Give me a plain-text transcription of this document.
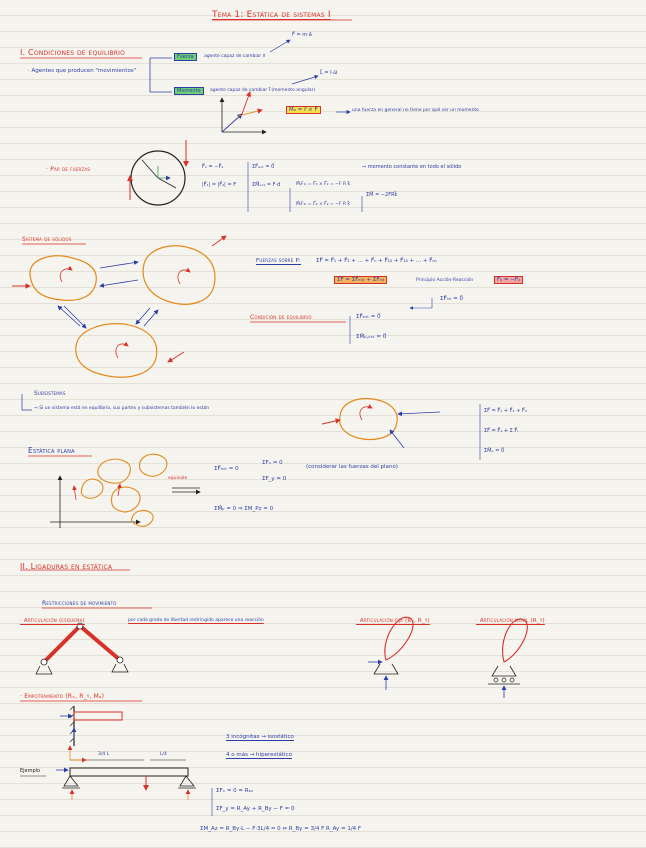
Tema 1: Estática de sistemas I
I. Condiciones de equilibrio
· Agentes que producen "movimientos"
Fuerza	agente capaz de cambiar v⃗
F⃗ = m·a⃗
Momento	agente capaz de cambiar I⃗ (momento angular)
L⃗ = I·ω⃗
M⃗ₒ = r⃗ × F⃗	una fuerza en general no tiene por qué ser un momento
· Par de fuerzas	F⃗₁ = −F⃗₂
|F⃗₁| = |F⃗₂| = F
ΣF⃗ₑₓₜ = 0⃗
ΣM⃗ₑₓₜ = F·d	M⃗₍F₁₎ = F⃗₁ × F⃗₂ = −F R k⃗
M⃗₍F₂₎ = F⃗₂ × F⃗₂ = −F R k⃗
ΣM⃗ = −2FRk⃗
⇒ momento constante en todo el sólido
Sistema de sólidos
Fuerzas sobre P:	ΣF⃗ = F⃗₁ + F⃗₂ + ... + F⃗ₙ + F⃗₁₂ + F⃗₁₃ + ... + F⃗ₙₙ
ΣF⃗ = ΣF⃗ₑₓₜ + ΣF⃗ᵢₙₜ	Principio Acción-Reacción	F⃗ᵢⱼ = −F⃗ⱼᵢ
ΣF⃗ᵢₙₜ = 0⃗
Condición de equilibrio	ΣF⃗ₑₓₜ = 0⃗
ΣM⃗ₚ,ₑₓₜ = 0⃗
Subsistemas
→ Si un sistema está en equilibrio, sus partes y subsistemas también lo están	ΣF⃗ = F⃗₁ + F⃗₂ + F⃗₃
ΣF⃗ = F⃗₁ + Σ F⃗ᵢ
ΣM⃗ₚ = 0⃗
Estática plana
equivale
ΣF⃗ₑₓₜ = 0
ΣFₓ = 0
ΣF_y = 0
(considerar las fuerzas del plano)
ΣM⃗ₚ = 0 ⇒ ΣM_Pz = 0
II. Ligaduras en estática
Restricciones de movimiento
· Articulación (esquema)	por cada grado de libertad restringido aparece una reacción	· Articulación fija (Rₓ, R_y)	· Articulación móvil (R_y)
· Empotramiento (Rₓ, R_y, Mₐ)
3 incógnitas → isostático
4 o más → hiperestático
Ejemplo
3/4 L	L/4
ΣFₓ = 0 = Rₐₓ
ΣF_y = R_Ay + R_By − F = 0
ΣM_Az = R_By·L − F·3L/4 = 0 ⇔ R_By = 3/4 F R_Ay = 1/4 F
